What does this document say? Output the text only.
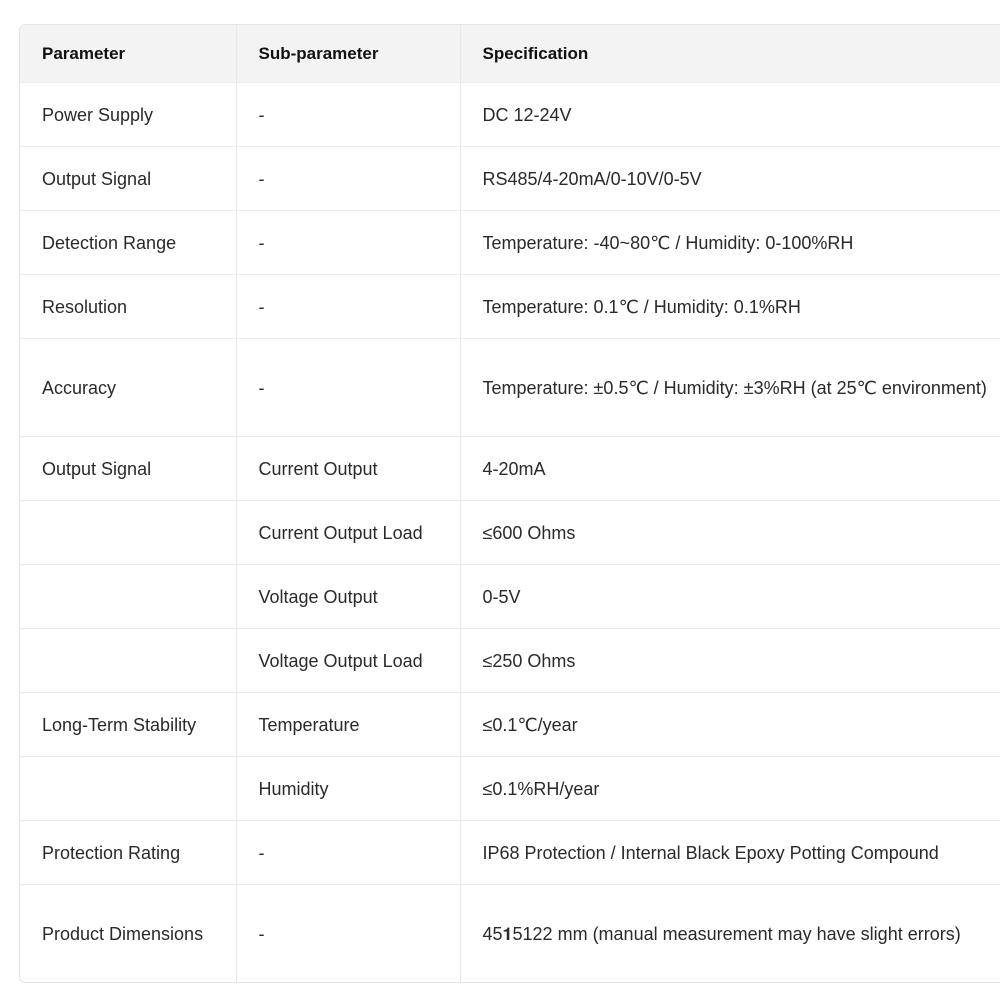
Parameter	Sub-parameter	Specification
Power Supply	-	DC 12-24V
Output Signal	-	RS485/4-20mA/0-10V/0-5V
Detection Range	-	Temperature: -40~80℃ / Humidity: 0-100%RH
Resolution	-	Temperature: 0.1℃ / Humidity: 0.1%RH
Accuracy	-	Temperature: ±0.5℃ / Humidity: ±3%RH (at 25℃ environment)
Output Signal	Current Output	4-20mA
	Current Output Load	≤600 Ohms
	Voltage Output	0-5V
	Voltage Output Load	≤250 Ohms
Long-Term Stability	Temperature	≤0.1℃/year
	Humidity	≤0.1%RH/year
Protection Rating	-	IP68 Protection / Internal Black Epoxy Potting Compound
Product Dimensions	-	45𝟏5122 mm (manual measurement may have slight errors)
